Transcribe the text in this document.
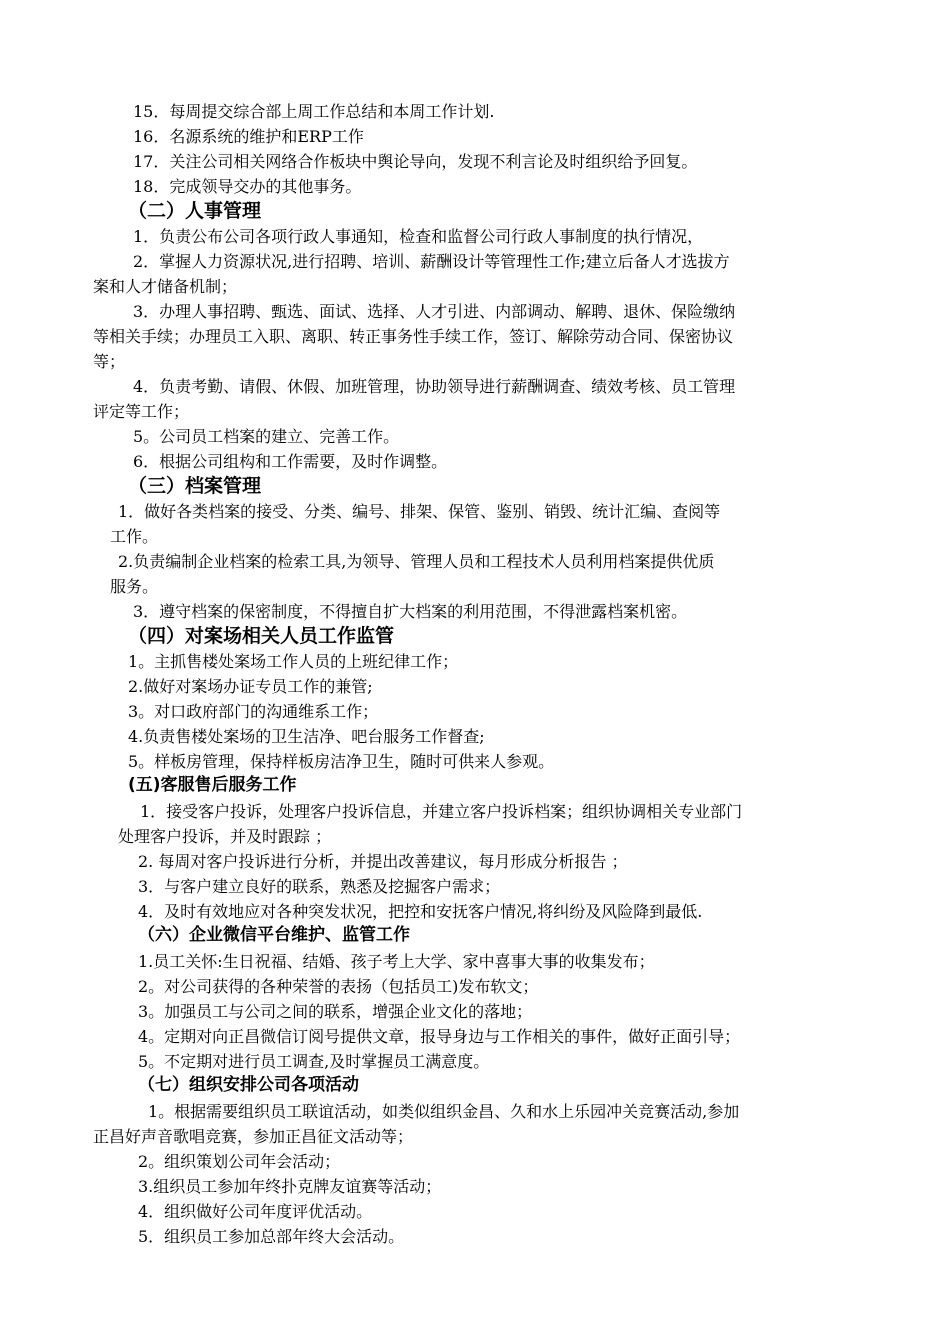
15．每周提交综合部上周工作总结和本周工作计划.
16．名源系统的维护和ERP工作
17．关注公司相关网络合作板块中舆论导向，发现不利言论及时组织给予回复。
18．完成领导交办的其他事务。
（二）人事管理
1．负责公布公司各项行政人事通知，检查和监督公司行政人事制度的执行情况，
2．掌握人力资源状况,进行招聘、培训、薪酬设计等管理性工作;建立后备人才选拔方
案和人才储备机制；
3．办理人事招聘、甄选、面试、选择、人才引进、内部调动、解聘、退休、保险缴纳
等相关手续；办理员工入职、离职、转正事务性手续工作，签订、解除劳动合同、保密协议
等；
4．负责考勤、请假、休假、加班管理，协助领导进行薪酬调查、绩效考核、员工管理
评定等工作；
5。公司员工档案的建立、完善工作。
6．根据公司组构和工作需要，及时作调整。
（三）档案管理
1．做好各类档案的接受、分类、编号、排架、保管、鉴别、销毁、统计汇编、查阅等
工作。
2.负责编制企业档案的检索工具,为领导、管理人员和工程技术人员利用档案提供优质
服务。
3．遵守档案的保密制度，不得擅自扩大档案的利用范围，不得泄露档案机密。
（四）对案场相关人员工作监管
1。主抓售楼处案场工作人员的上班纪律工作；
2.做好对案场办证专员工作的兼管;
3。对口政府部门的沟通维系工作；
4.负责售楼处案场的卫生洁净、吧台服务工作督查;
5。样板房管理，保持样板房洁净卫生，随时可供来人参观。
(五)客服售后服务工作
1．接受客户投诉，处理客户投诉信息，并建立客户投诉档案；组织协调相关专业部门
处理客户投诉，并及时跟踪 ；
2. 每周对客户投诉进行分析，并提出改善建议，每月形成分析报告 ；
3．与客户建立良好的联系，熟悉及挖掘客户需求；
4．及时有效地应对各种突发状况，把控和安抚客户情况,将纠纷及风险降到最低.
（六）企业微信平台维护、监管工作
1.员工关怀:生日祝福、结婚、孩子考上大学、家中喜事大事的收集发布；
2。对公司获得的各种荣誉的表扬（包括员工)发布软文；
3。加强员工与公司之间的联系，增强企业文化的落地；
4。定期对向正昌微信订阅号提供文章，报导身边与工作相关的事件，做好正面引导；
5。不定期对进行员工调查,及时掌握员工满意度。
（七）组织安排公司各项活动
1。根据需要组织员工联谊活动，如类似组织金昌、久和水上乐园冲关竞赛活动,参加
正昌好声音歌唱竞赛，参加正昌征文活动等；
2。组织策划公司年会活动；
3.组织员工参加年终扑克牌友谊赛等活动；
4．组织做好公司年度评优活动。
5．组织员工参加总部年终大会活动。
